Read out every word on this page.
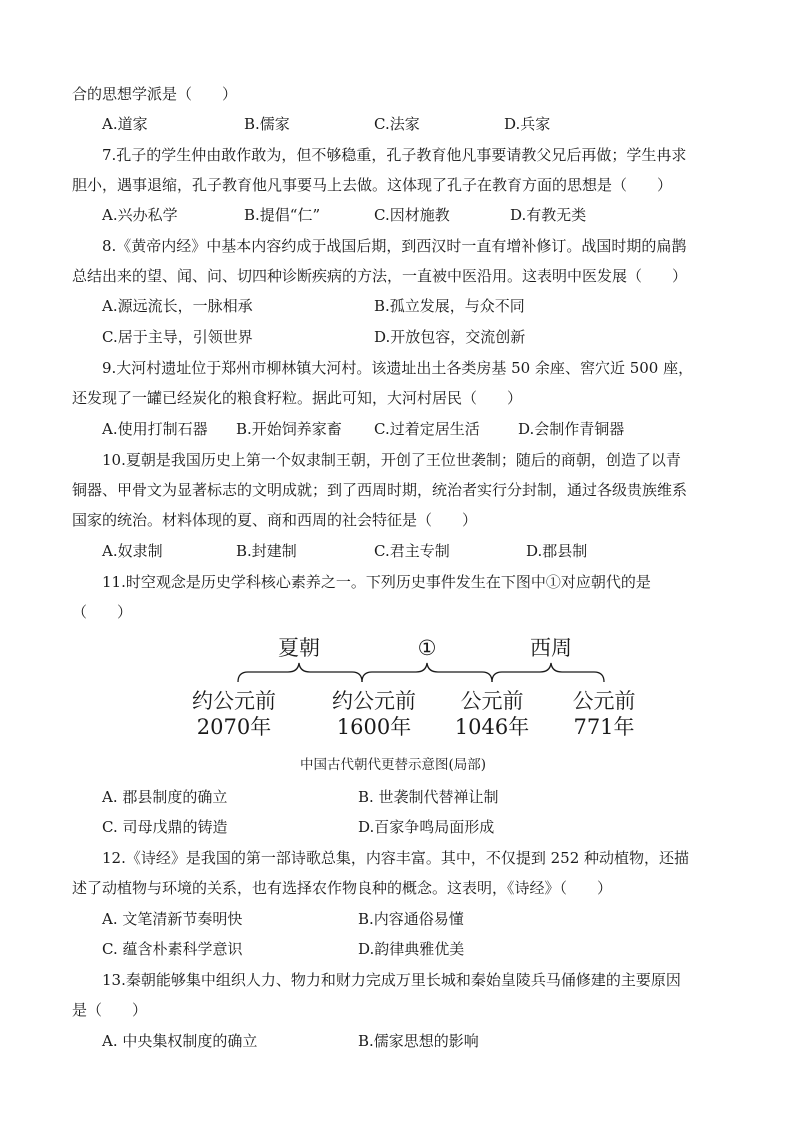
合的思想学派是（　　）
A.道家	B.儒家	C.法家	D.兵家
7.孔子的学生仲由敢作敢为，但不够稳重，孔子教育他凡事要请教父兄后再做；学生冉求
胆小，遇事退缩，孔子教育他凡事要马上去做。这体现了孔子在教育方面的思想是（　　）
A.兴办私学	B.提倡“仁”	C.因材施教	D.有教无类
8.《黄帝内经》中基本内容约成于战国后期，到西汉时一直有增补修订。战国时期的扁鹊
总结出来的望、闻、问、切四种诊断疾病的方法，一直被中医沿用。这表明中医发展（　　）
A.源远流长，一脉相承	B.孤立发展，与众不同
C.居于主导，引领世界	D.开放包容，交流创新
9.大河村遗址位于郑州市柳林镇大河村。该遗址出土各类房基 50 余座、窖穴近 500 座，
还发现了一罐已经炭化的粮食籽粒。据此可知，大河村居民（　　）
A.使用打制石器 B.开始饲养家畜 C.过着定居生活	D.会制作青铜器
10.夏朝是我国历史上第一个奴隶制王朝，开创了王位世袭制；随后的商朝，创造了以青
铜器、甲骨文为显著标志的文明成就；到了西周时期，统治者实行分封制，通过各级贵族维系
国家的统治。材料体现的夏、商和西周的社会特征是（　　）
A.奴隶制	B.封建制	C.君主专制	D.郡县制
11.时空观念是历史学科核心素养之一。下列历史事件发生在下图中①对应朝代的是
（　　）
夏朝	①	西周
约公元前
2070年
约公元前
1600年
公元前
1046年
公元前
771年
中国古代朝代更替示意图(局部)
A. 郡县制度的确立	B. 世袭制代替禅让制
C. 司母戊鼎的铸造	D.百家争鸣局面形成
12.《诗经》是我国的第一部诗歌总集，内容丰富。其中，不仅提到 252 种动植物，还描
述了动植物与环境的关系，也有选择农作物良种的概念。这表明，《诗经》（　　）
A. 文笔清新节奏明快	B.内容通俗易懂
C. 蕴含朴素科学意识	D.韵律典雅优美
13.秦朝能够集中组织人力、物力和财力完成万里长城和秦始皇陵兵马俑修建的主要原因
是（　　）
A. 中央集权制度的确立	B.儒家思想的影响
